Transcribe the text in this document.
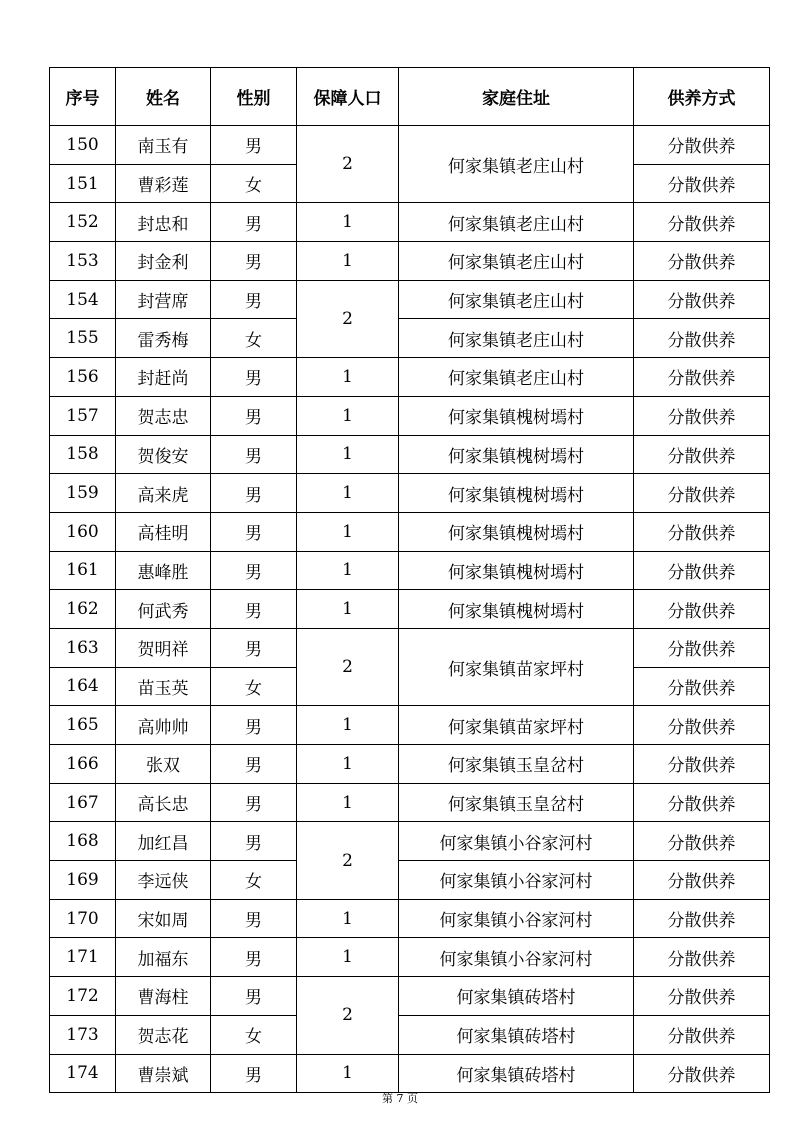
序号	姓名	性别	保障人口	家庭住址	供养方式
150	南玉有	男	2	何家集镇老庄山村	分散供养
151	曹彩莲	女			分散供养
152	封忠和	男	1	何家集镇老庄山村	分散供养
153	封金利	男	1	何家集镇老庄山村	分散供养
154	封营席	男	2	何家集镇老庄山村	分散供养
155	雷秀梅	女		何家集镇老庄山村	分散供养
156	封赶尚	男	1	何家集镇老庄山村	分散供养
157	贺志忠	男	1	何家集镇槐树墕村	分散供养
158	贺俊安	男	1	何家集镇槐树墕村	分散供养
159	高来虎	男	1	何家集镇槐树墕村	分散供养
160	高桂明	男	1	何家集镇槐树墕村	分散供养
161	惠峰胜	男	1	何家集镇槐树墕村	分散供养
162	何武秀	男	1	何家集镇槐树墕村	分散供养
163	贺明祥	男	2	何家集镇苗家坪村	分散供养
164	苗玉英	女			分散供养
165	高帅帅	男	1	何家集镇苗家坪村	分散供养
166	张双	男	1	何家集镇玉皇岔村	分散供养
167	高长忠	男	1	何家集镇玉皇岔村	分散供养
168	加红昌	男	2	何家集镇小谷家河村	分散供养
169	李远侠	女		何家集镇小谷家河村	分散供养
170	宋如周	男	1	何家集镇小谷家河村	分散供养
171	加福东	男	1	何家集镇小谷家河村	分散供养
172	曹海柱	男	2	何家集镇砖塔村	分散供养
173	贺志花	女		何家集镇砖塔村	分散供养
174	曹崇斌	男	1	何家集镇砖塔村	分散供养
第 7 页
